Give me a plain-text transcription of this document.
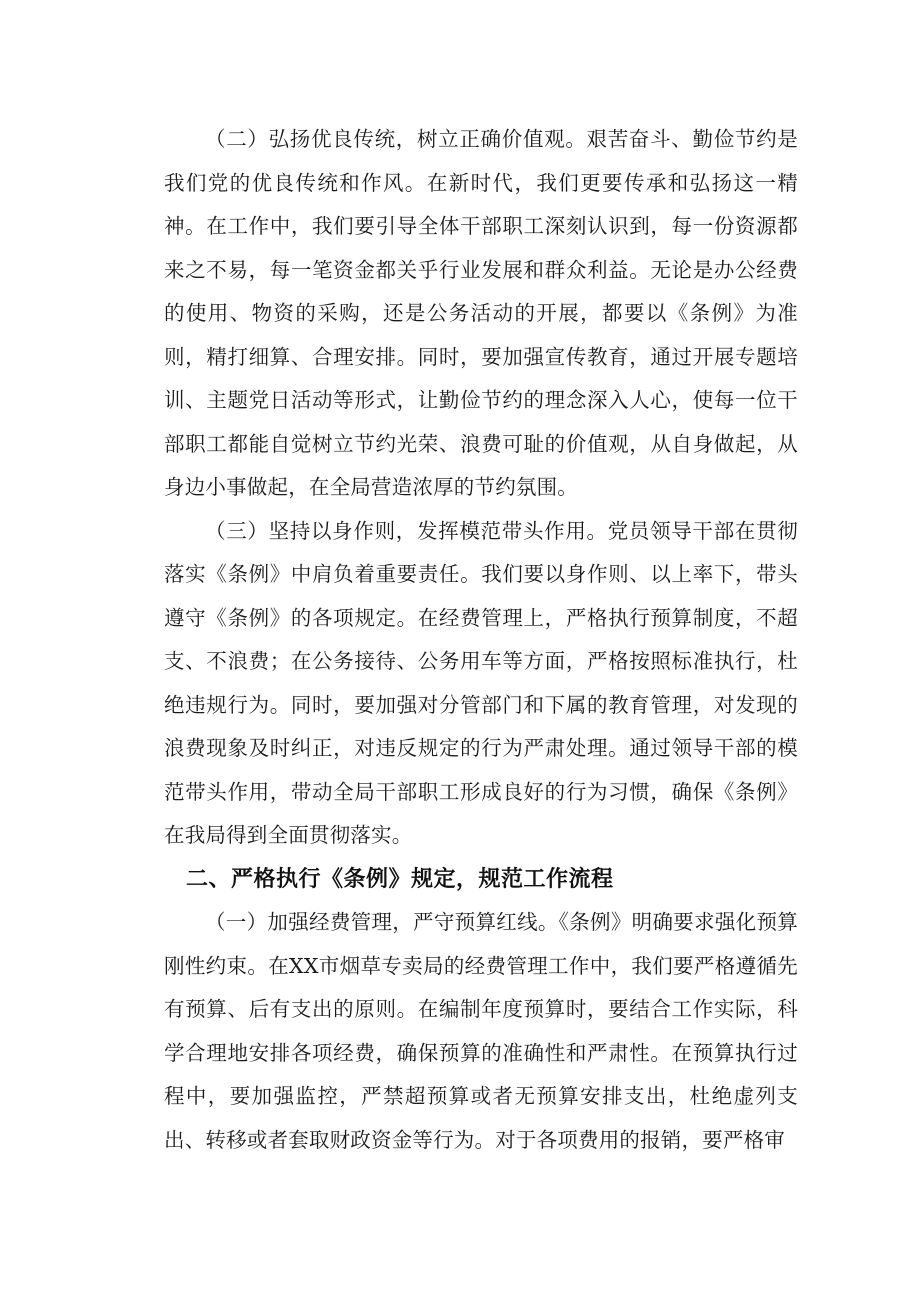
（二）弘扬优良传统，树立正确价值观。艰苦奋斗、勤俭节约是我们党的优良传统和作风。在新时代，我们更要传承和弘扬这一精神。在工作中，我们要引导全体干部职工深刻认识到，每一份资源都来之不易，每一笔资金都关乎行业发展和群众利益。无论是办公经费的使用、物资的采购，还是公务活动的开展，都要以《条例》为准则，精打细算、合理安排。同时，要加强宣传教育，通过开展专题培训、主题党日活动等形式，让勤俭节约的理念深入人心，使每一位干部职工都能自觉树立节约光荣、浪费可耻的价值观，从自身做起，从身边小事做起，在全局营造浓厚的节约氛围。

（三）坚持以身作则，发挥模范带头作用。党员领导干部在贯彻落实《条例》中肩负着重要责任。我们要以身作则、以上率下，带头遵守《条例》的各项规定。在经费管理上，严格执行预算制度，不超支、不浪费；在公务接待、公务用车等方面，严格按照标准执行，杜绝违规行为。同时，要加强对分管部门和下属的教育管理，对发现的浪费现象及时纠正，对违反规定的行为严肃处理。通过领导干部的模范带头作用，带动全局干部职工形成良好的行为习惯，确保《条例》在我局得到全面贯彻落实。

二、严格执行《条例》规定，规范工作流程

（一）加强经费管理，严守预算红线。《条例》明确要求强化预算刚性约束。在XX市烟草专卖局的经费管理工作中，我们要严格遵循先有预算、后有支出的原则。在编制年度预算时，要结合工作实际，科学合理地安排各项经费，确保预算的准确性和严肃性。在预算执行过程中，要加强监控，严禁超预算或者无预算安排支出，杜绝虚列支出、转移或者套取财政资金等行为。对于各项费用的报销，要严格审
